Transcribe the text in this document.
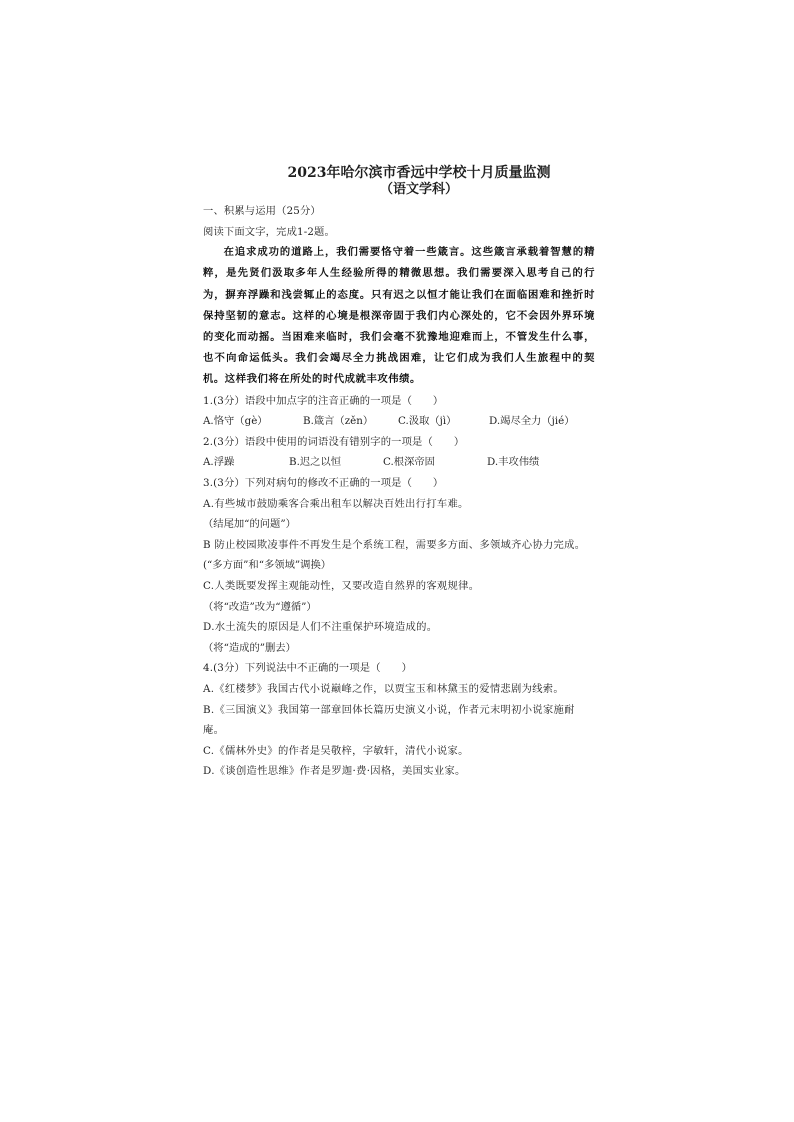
2023年哈尔滨市香远中学校十月质量监测
（语文学科）
一、积累与运用（25分）
阅读下面文字，完成1-2题。

在追求成功的道路上，我们需要恪守着一些箴言。这些箴言承载着智慧的精粹，是先贤们汲取多年人生经验所得的精微思想。我们需要深入思考自己的行为，摒弃浮躁和浅尝辄止的态度。只有迟之以恒才能让我们在面临困难和挫折时保持坚韧的意志。这样的心境是根深帝固于我们内心深处的，它不会因外界环境的变化而动摇。当困难来临时，我们会毫不犹豫地迎难而上，不管发生什么事，也不向命运低头。我们会竭尽全力挑战困难，让它们成为我们人生旅程中的契机。这样我们将在所处的时代成就丰攻伟绩。

1.(3分）语段中加点字的注音正确的一项是（　　）
A.恪守（gè）	B.箴言（zěn）	C.汲取（jì）	D.竭尽全力（jié）
2.(3分）语段中使用的词语没有错别字的一项是（　　）
A.浮躁	B.迟之以恒	C.根深帝固	D.丰攻伟绩
3.(3分）下列对病句的修改不正确的一项是（　　）
A.有些城市鼓励乘客合乘出租车以解决百姓出行打车难。
（结尾加“的问题”）
B 防止校园欺凌事件不再发生是个系统工程，需要多方面、多领域齐心协力完成。
(“多方面”和“多领域”调换）
C.人类既要发挥主观能动性，又要改造自然界的客观规律。
（将“改造”改为“遵循”）
D.水土流失的原因是人们不注重保护环境造成的。
（将“造成的”删去）
4.(3分）下列说法中不正确的一项是（　　）
A.《红楼梦》我国古代小说巅峰之作，以贾宝玉和林黛玉的爱情悲剧为线索。
B.《三国演义》我国第一部章回体长篇历史演义小说，作者元末明初小说家施耐庵。
C.《儒林外史》的作者是吴敬梓，字敏轩，清代小说家。
D.《谈创造性思维》作者是罗迦·费·因格，美国实业家。
